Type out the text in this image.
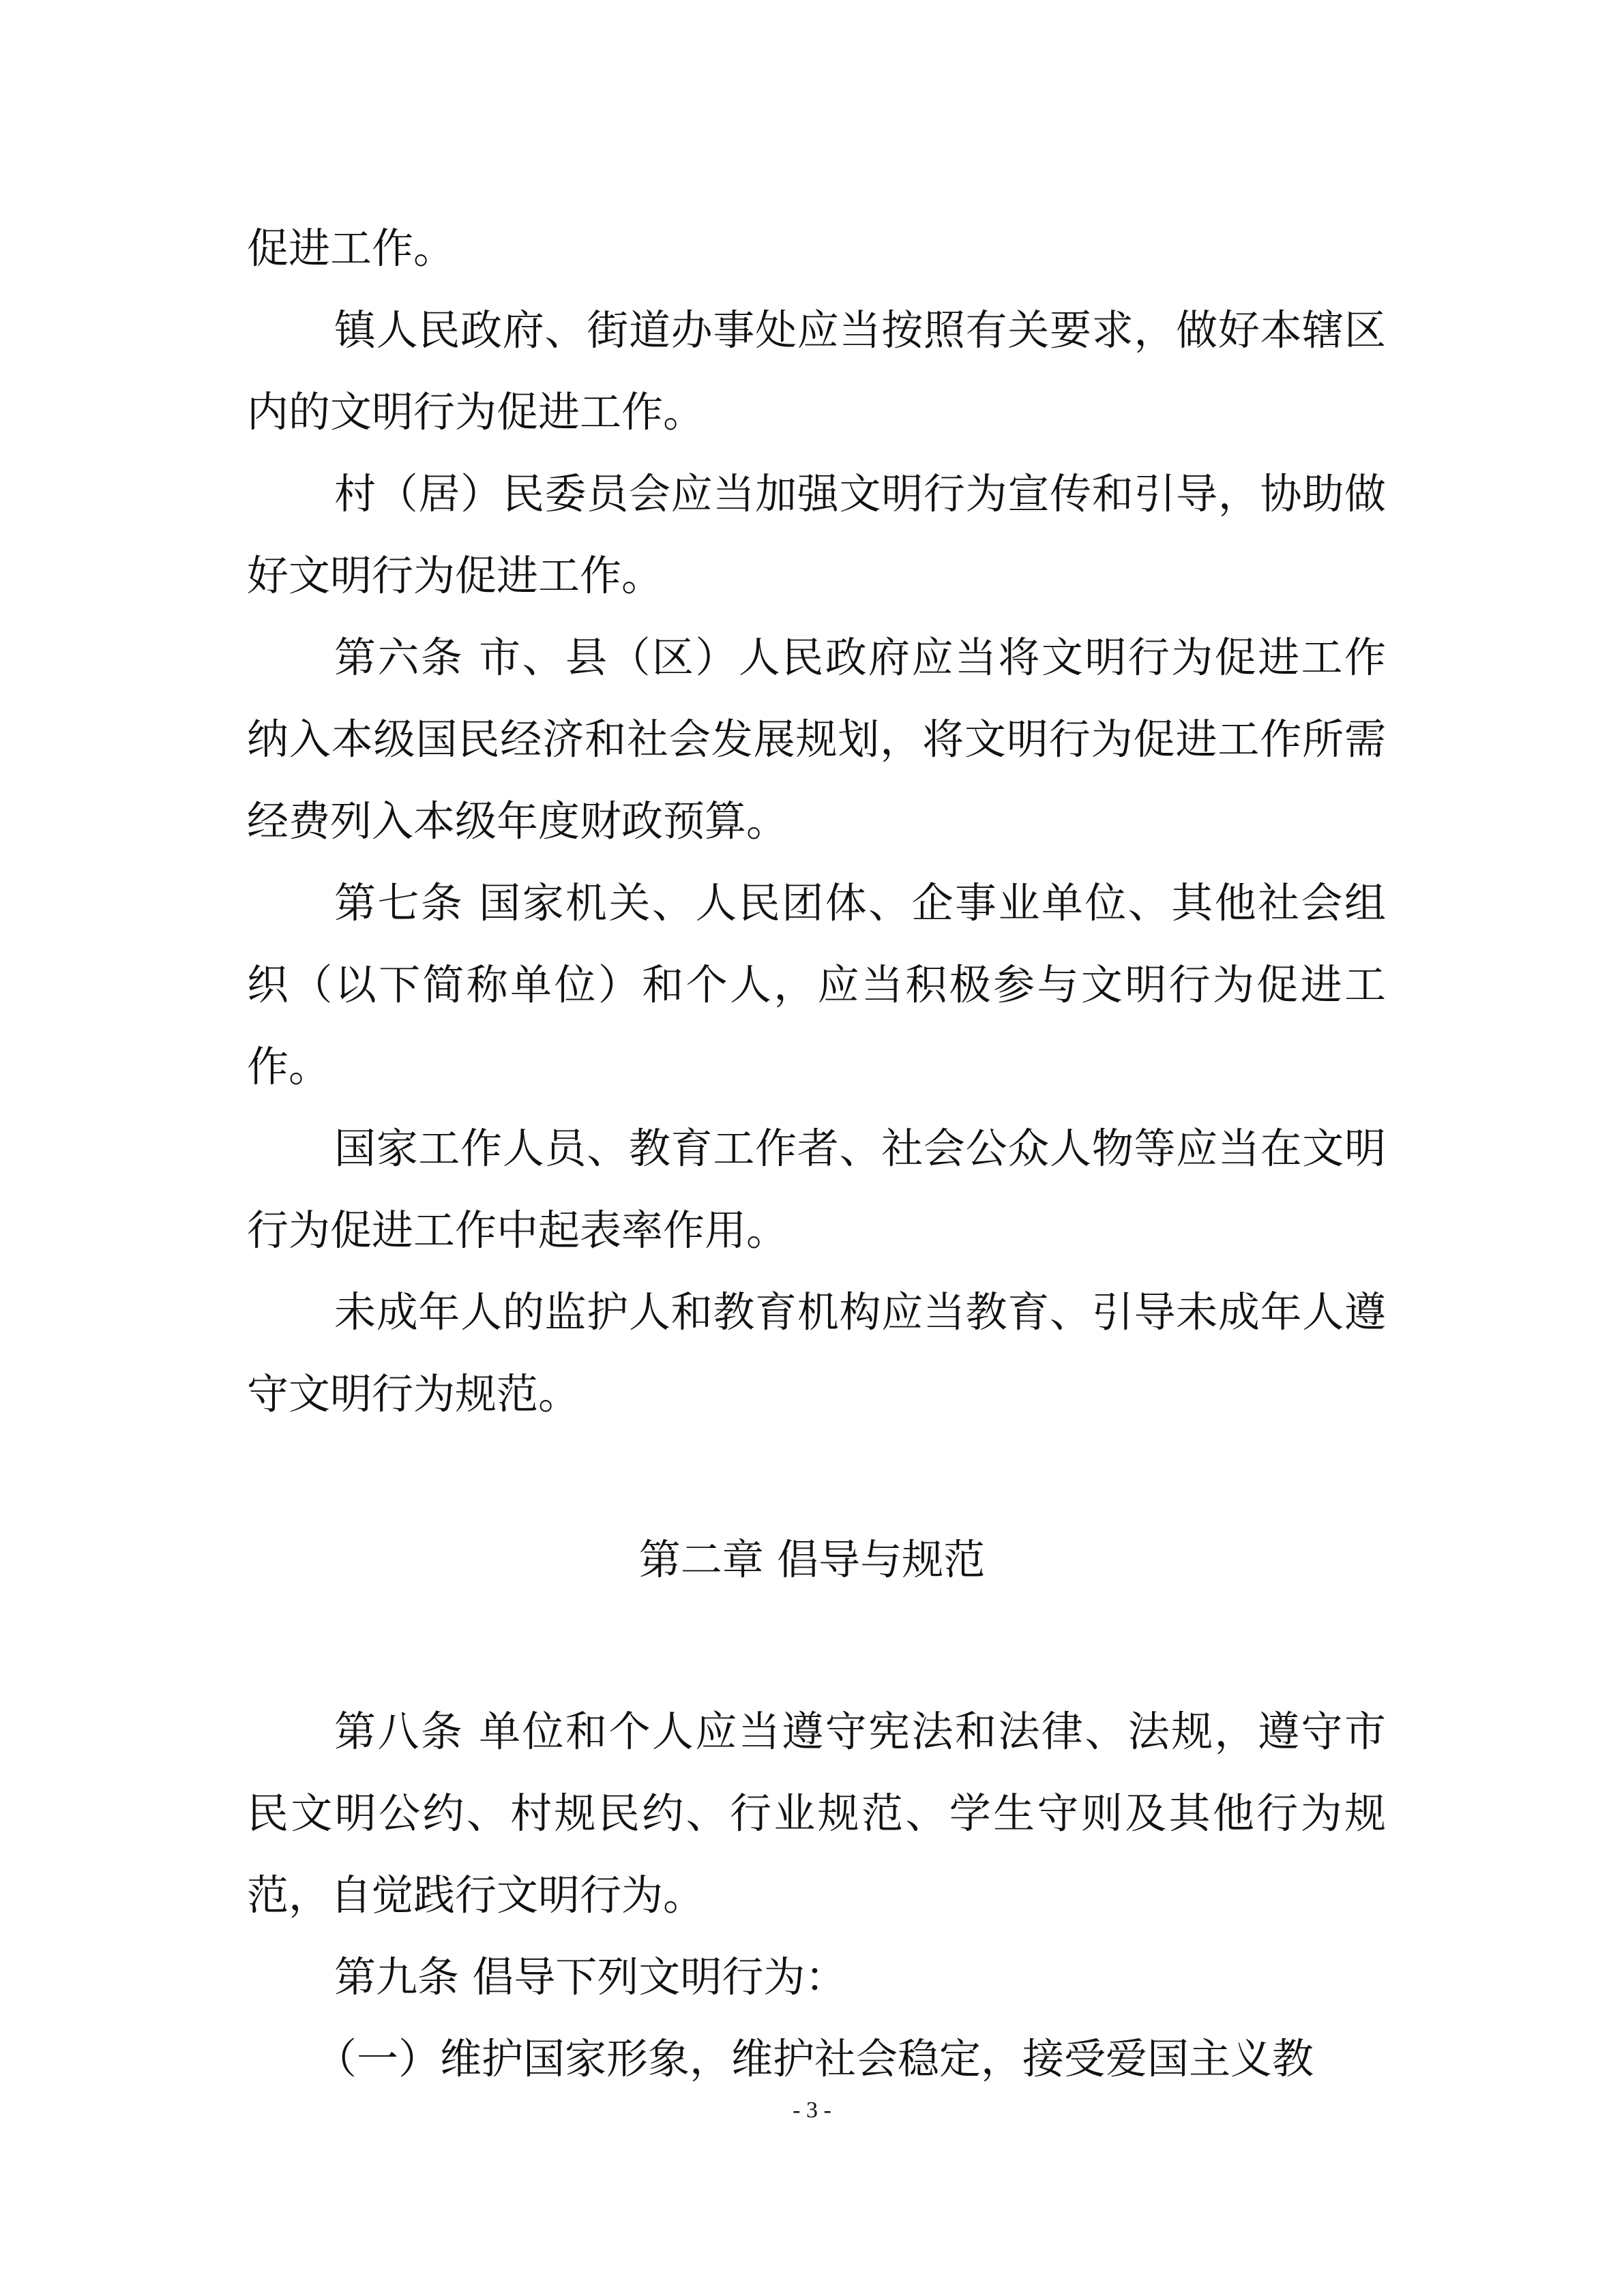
促进工作。

镇人民政府、街道办事处应当按照有关要求，做好本辖区内的文明行为促进工作。

村（居）民委员会应当加强文明行为宣传和引导，协助做好文明行为促进工作。

第六条 市、县（区）人民政府应当将文明行为促进工作纳入本级国民经济和社会发展规划，将文明行为促进工作所需经费列入本级年度财政预算。

第七条 国家机关、人民团体、企事业单位、其他社会组织（以下简称单位）和个人，应当积极参与文明行为促进工作。

国家工作人员、教育工作者、社会公众人物等应当在文明行为促进工作中起表率作用。

未成年人的监护人和教育机构应当教育、引导未成年人遵守文明行为规范。

第二章 倡导与规范

第八条 单位和个人应当遵守宪法和法律、法规，遵守市民文明公约、村规民约、行业规范、学生守则及其他行为规范，自觉践行文明行为。

第九条 倡导下列文明行为：

（一）维护国家形象，维护社会稳定，接受爱国主义教

- 3 -
